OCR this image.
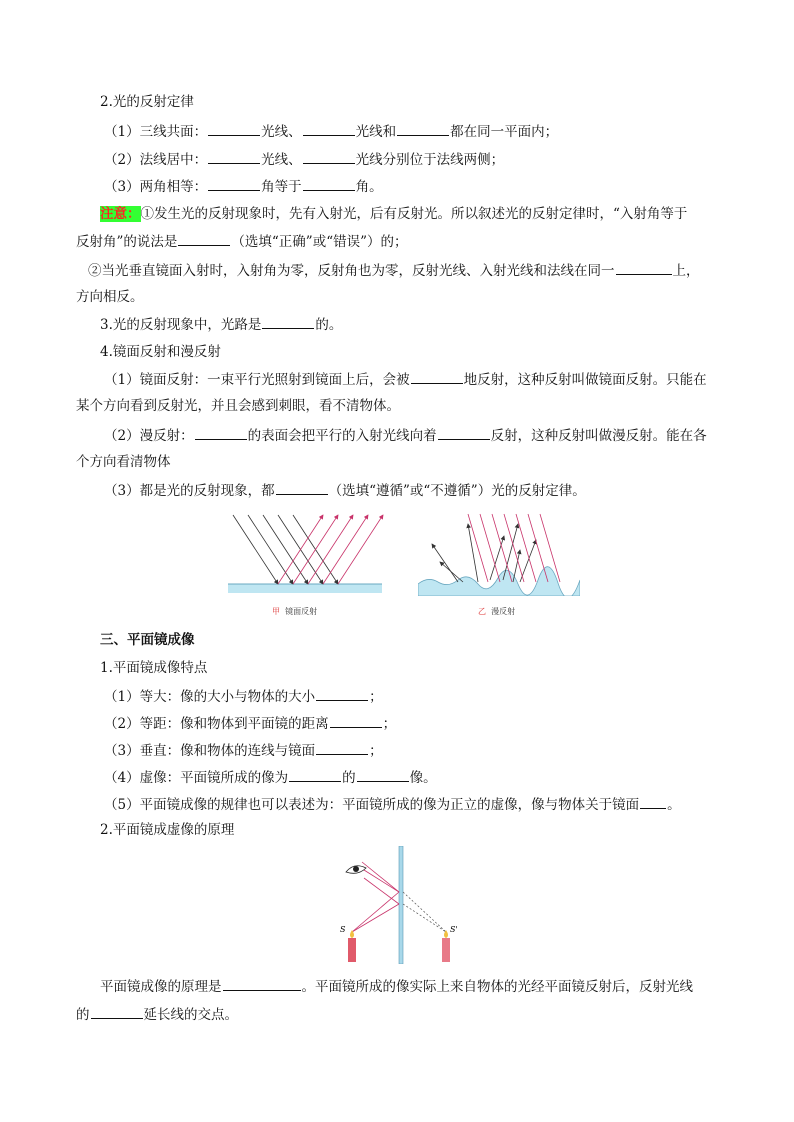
2.光的反射定律
（1）三线共面：	光线、	光线和	都在同一平面内；
（2）法线居中：	光线、	光线分别位于法线两侧；
（3）两角相等：	角等于	角。
注意：①发生光的反射现象时，先有入射光，后有反射光。所以叙述光的反射定律时，“入射角等于
反射角”的说法是	（选填“正确”或“错误”）的；
②当光垂直镜面入射时，入射角为零，反射角也为零，反射光线、入射光线和法线在同一	上，
方向相反。
3.光的反射现象中，光路是	的。
4.镜面反射和漫反射
（1）镜面反射：一束平行光照射到镜面上后，会被	地反射，这种反射叫做镜面反射。只能在
某个方向看到反射光，并且会感到刺眼，看不清物体。
（2）漫反射：	的表面会把平行的入射光线向着	反射，这种反射叫做漫反射。能在各
个方向看清物体
（3）都是光的反射现象，都	（选填“遵循”或“不遵循”）光的反射定律。
甲 镜面反射	乙 漫反射
三、平面镜成像
1.平面镜成像特点
（1）等大：像的大小与物体的大小	；
（2）等距：像和物体到平面镜的距离	；
（3）垂直：像和物体的连线与镜面	；
（4）虚像：平面镜所成的像为	的	像。
（5）平面镜成像的规律也可以表述为：平面镜所成的像为正立的虚像，像与物体关于镜面 。
2.平面镜成虚像的原理
S	S'
平面镜成像的原理是	。平面镜所成的像实际上来自物体的光经平面镜反射后，反射光线
的	延长线的交点。
